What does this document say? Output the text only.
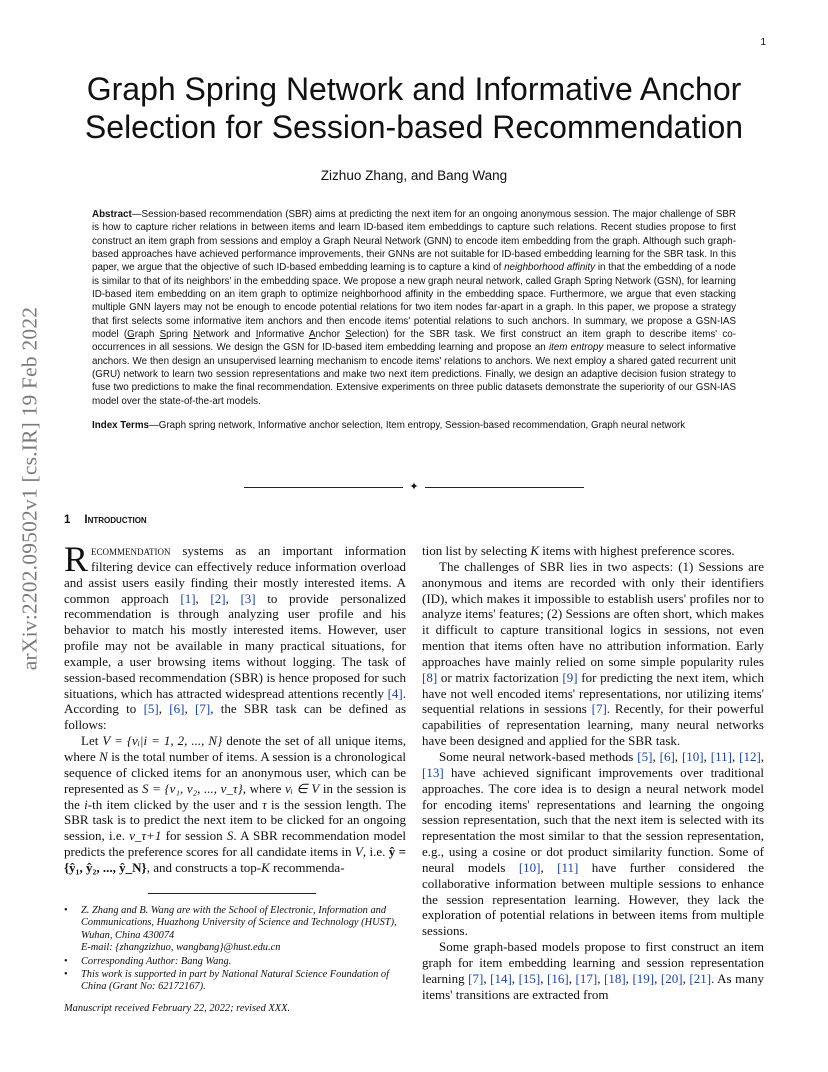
1
arXiv:2202.09502v1 [cs.IR] 19 Feb 2022
Graph Spring Network and Informative Anchor
Selection for Session-based Recommendation
Zizhuo Zhang, and Bang Wang

Abstract—Session-based recommendation (SBR) aims at predicting the next item for an ongoing anonymous session. The major challenge of SBR is how to capture richer relations in between items and learn ID-based item embeddings to capture such relations. Recent studies propose to first construct an item graph from sessions and employ a Graph Neural Network (GNN) to encode item embedding from the graph. Although such graph-based approaches have achieved performance improvements, their GNNs are not suitable for ID-based embedding learning for the SBR task. In this paper, we argue that the objective of such ID-based embedding learning is to capture a kind of neighborhood affinity in that the embedding of a node is similar to that of its neighbors' in the embedding space. We propose a new graph neural network, called Graph Spring Network (GSN), for learning ID-based item embedding on an item graph to optimize neighborhood affinity in the embedding space. Furthermore, we argue that even stacking multiple GNN layers may not be enough to encode potential relations for two item nodes far-apart in a graph. In this paper, we propose a strategy that first selects some informative item anchors and then encode items' potential relations to such anchors. In summary, we propose a GSN-IAS model (Graph Spring Network and Informative Anchor Selection) for the SBR task. We first construct an item graph to describe items' co-occurrences in all sessions. We design the GSN for ID-based item embedding learning and propose an item entropy measure to select informative anchors. We then design an unsupervised learning mechanism to encode items' relations to anchors. We next employ a shared gated recurrent unit (GRU) network to learn two session representations and make two next item predictions. Finally, we design an adaptive decision fusion strategy to fuse two predictions to make the final recommendation. Extensive experiments on three public datasets demonstrate the superiority of our GSN-IAS model over the state-of-the-art models.

Index Terms—Graph spring network, Informative anchor selection, Item entropy, Session-based recommendation, Graph neural network

✦
1 Introduction

Recommendation systems as an important information filtering device can effectively reduce information overload and assist users easily finding their mostly interested items. A common approach [1], [2], [3] to provide personalized recommendation is through analyzing user profile and his behavior to match his mostly interested items. However, user profile may not be available in many practical situations, for example, a user browsing items without logging. The task of session-based recommendation (SBR) is hence proposed for such situations, which has attracted widespread attentions recently [4]. According to [5], [6], [7], the SBR task can be defined as follows:

Let V = {vᵢ|i = 1, 2, ..., N} denote the set of all unique items, where N is the total number of items. A session is a chronological sequence of clicked items for an anonymous user, which can be represented as S = {v₁, v₂, ..., v_τ}, where vᵢ ∈ V in the session is the i-th item clicked by the user and τ is the session length. The SBR task is to predict the next item to be clicked for an ongoing session, i.e. v_τ+1 for session S. A SBR recommendation model predicts the preference scores for all candidate items in V, i.e. ŷ = {ŷ₁, ŷ₂, ..., ŷ_N}, and constructs a top-K recommenda-

• Z. Zhang and B. Wang are with the School of Electronic, Information and Communications, Huazhong University of Science and Technology (HUST), Wuhan, China 430074
E-mail: {zhangzizhuo, wangbang}@hust.edu.cn
• Corresponding Author: Bang Wang.
• This work is supported in part by National Natural Science Foundation of China (Grant No: 62172167).
Manuscript received February 22, 2022; revised XXX.

tion list by selecting K items with highest preference scores.

The challenges of SBR lies in two aspects: (1) Sessions are anonymous and items are recorded with only their identifiers (ID), which makes it impossible to establish users' profiles nor to analyze items' features; (2) Sessions are often short, which makes it difficult to capture transitional logics in sessions, not even mention that items often have no attribution information. Early approaches have mainly relied on some simple popularity rules [8] or matrix factorization [9] for predicting the next item, which have not well encoded items' representations, nor utilizing items' sequential relations in sessions [7]. Recently, for their powerful capabilities of representation learning, many neural networks have been designed and applied for the SBR task.

Some neural network-based methods [5], [6], [10], [11], [12], [13] have achieved significant improvements over traditional approaches. The core idea is to design a neural network model for encoding items' representations and learning the ongoing session representation, such that the next item is selected with its representation the most similar to that the session representation, e.g., using a cosine or dot product similarity function. Some of neural models [10], [11] have further considered the collaborative information between multiple sessions to enhance the session representation learning. However, they lack the exploration of potential relations in between items from multiple sessions.

Some graph-based models propose to first construct an item graph for item embedding learning and session representation learning [7], [14], [15], [16], [17], [18], [19], [20], [21]. As many items' transitions are extracted from
